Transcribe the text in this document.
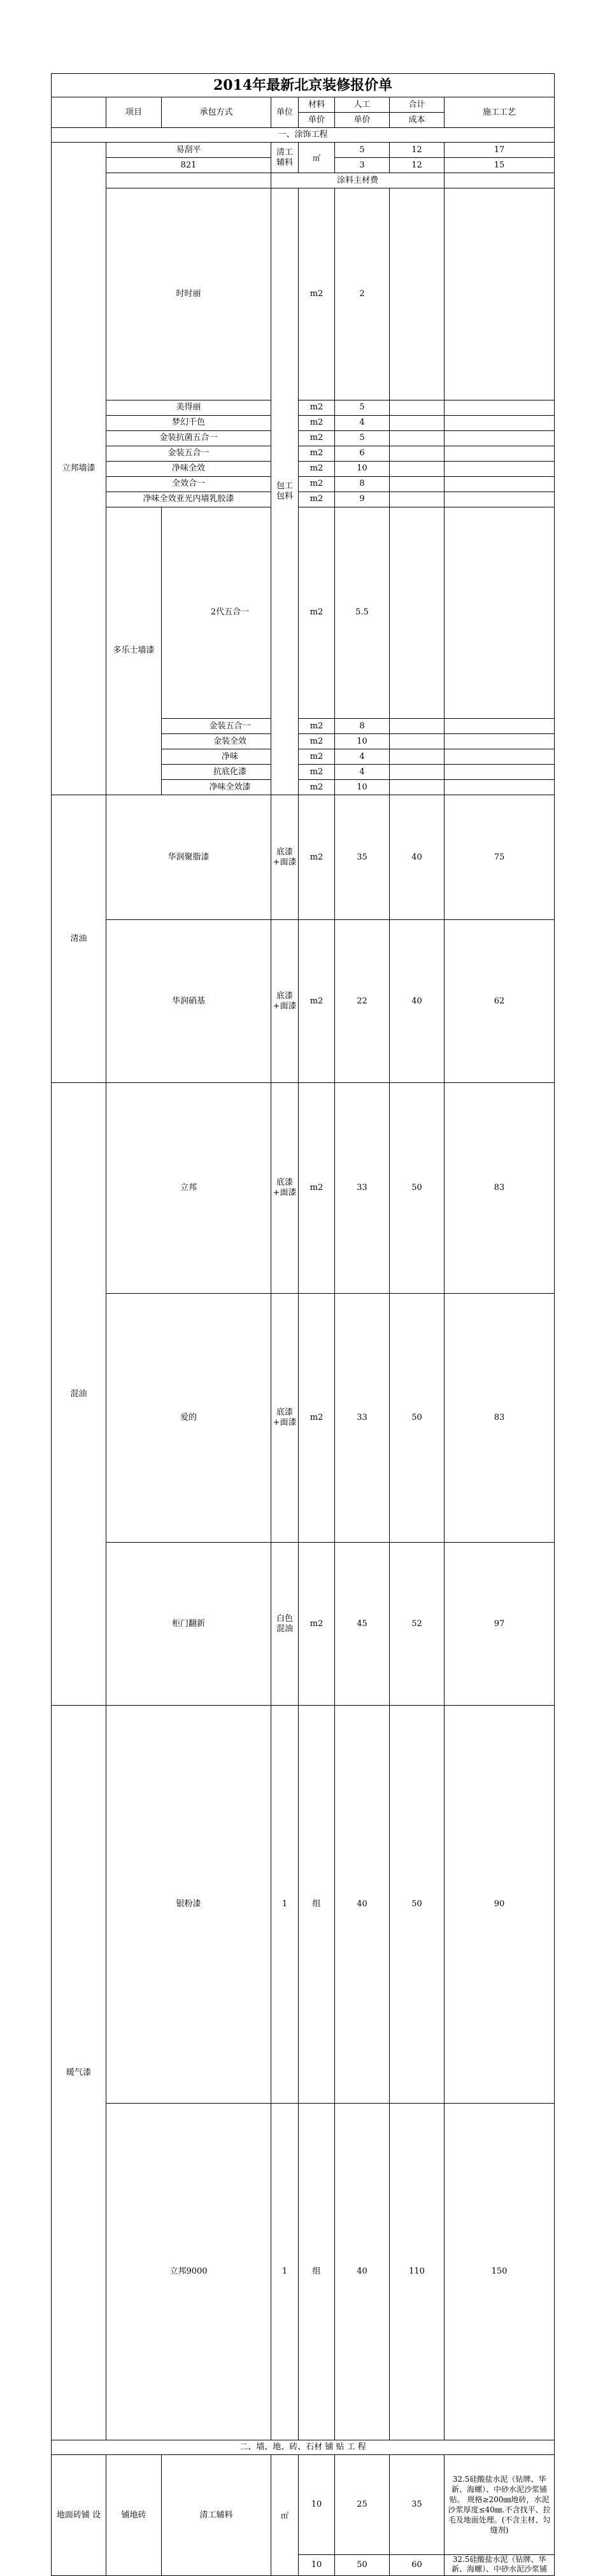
2014年最新北京装修报价单								
	项目	承包方式	单位	材料	人工	合计	施工工艺	
				单价	单价	成本		
一、涂饰工程								
立邦墙漆	易刮平		清工辅料	㎡	5	12	17	
	821				3	12	15	
			涂料主材费					
	时时丽		包工包料	m2	2			
	美得丽			m2	5			
	梦幻千色			m2	4			
	金装抗菌五合一			m2	5			
	金装五合一			m2	6			
	净味全效			m2	10			
	全效合一			m2	8			
	净味全效亚光内墙乳胶漆			m2	9			
	多乐士墙漆	2代五合一		m2	5.5			
		金装五合一		m2	8			
		金装全效		m2	10			
		净味		m2	4			
		抗底化漆		m2	4			
		净味全效漆		m2	10			
清油	华润聚脂漆		底漆+面漆	m2	35	40	75	
	华润硝基		底漆+面漆	m2	22	40	62	
混油	立邦		底漆+面漆	m2	33	50	83	
	爱的		底漆+面漆	m2	33	50	83	
	柜门翻新		白色混油	m2	45	52	97	
暖气漆	银粉漆		1	组	40	50	90	
	立邦9000		1	组	40	110	150	
二、墙、地、砖、石材 铺 贴 工 程								
地面砖铺 设	铺地砖	清工辅料	㎡	10	25	35	32.5硅酸盐水泥（钻牌、华新、海螺）、中砂水泥沙浆铺贴。 规格≥200㎜地砖，水泥沙浆厚度≤40㎜.不含找平、拉毛及地面处理。(不含主材、勾缝剂)	
				10	50	60	32.5硅酸盐水泥（钻牌、华新、海螺）、中砂水泥沙浆铺	
